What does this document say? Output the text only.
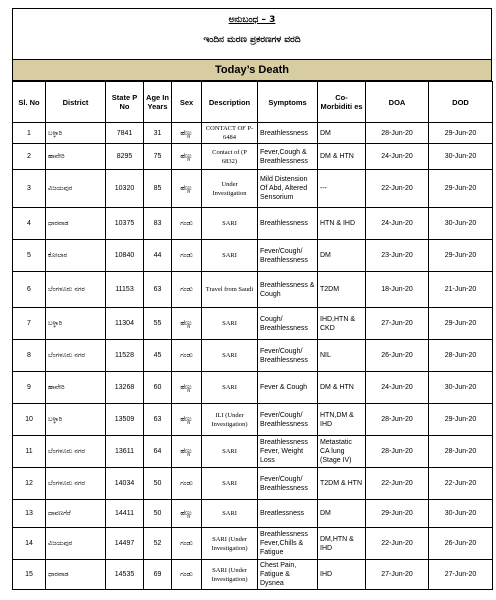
ಅನುಬಂಧ – 3
ಇಂದಿನ ಮರಣ ಪ್ರಕರಣಗಳ ವರದಿ
Today’s Death
Sl. No	District	State P No	Age In Years	Sex	Description	Symptoms	Co-Morbiditi es	DOA	DOD
1	ಬಳ್ಳಾರಿ	7841	31	ಹೆಣ್ಣು	CONTACT OF P-6484	Breathlessness	DM	28-Jun-20	29-Jun-20
2	ಹಾವೇರಿ	8295	75	ಹೆಣ್ಣು	Contact of (P 6832)	Fever,Cough & Breathlessness	DM & HTN	24-Jun-20	30-Jun-20
3	ವಿಜಯಪುರ	10320	85	ಹೆಣ್ಣು	Under Investigation	Mild Distension Of Abd, Altered Sensorium	---	22-Jun-20	29-Jun-20
4	ಧಾರವಾಡ	10375	83	ಗಂಡು	SARI	Breathlessness	HTN & IHD	24-Jun-20	30-Jun-20
5	ಕೋಲಾರ	10840	44	ಗಂಡು	SARI	Fever/Cough/ Breathlessness	DM	23-Jun-20	29-Jun-20
6	ಬೆಂಗಳೂರು ನಗರ	11153	63	ಗಂಡು	Travel from Saudi	Breathlessness & Cough	T2DM	18-Jun-20	21-Jun-20
7	ಬಳ್ಳಾರಿ	11304	55	ಹೆಣ್ಣು	SARI	Cough/ Breathlessness	IHD,HTN & CKD	27-Jun-20	29-Jun-20
8	ಬೆಂಗಳೂರು ನಗರ	11528	45	ಗಂಡು	SARI	Fever/Cough/ Breathlessness	NIL	26-Jun-20	28-Jun-20
9	ಹಾವೇರಿ	13268	60	ಹೆಣ್ಣು	SARI	Fever & Cough	DM & HTN	24-Jun-20	30-Jun-20
10	ಬಳ್ಳಾರಿ	13509	63	ಹೆಣ್ಣು	ILI (Under Investigation)	Fever/Cough/ Breathlessness	HTN,DM & IHD	28-Jun-20	29-Jun-20
11	ಬೆಂಗಳೂರು ನಗರ	13611	64	ಹೆಣ್ಣು	SARI	Breathlessness Fever, Weight Loss	Metastatic CA lung (Stage IV)	28-Jun-20	28-Jun-20
12	ಬೆಂಗಳೂರು ನಗರ	14034	50	ಗಂಡು	SARI	Fever/Cough/ Breathlessness	T2DM & HTN	22-Jun-20	22-Jun-20
13	ದಾವಣಗೆರೆ	14411	50	ಹೆಣ್ಣು	SARI	Breatlessness	DM	29-Jun-20	30-Jun-20
14	ವಿಜಯಪುರ	14497	52	ಗಂಡು	SARI (Under Investigation)	Breathlessness Fever,Chills & Fatigue	DM,HTN & IHD	22-Jun-20	26-Jun-20
15	ಧಾರವಾಡ	14535	69	ಗಂಡು	SARI (Under Investigation)	Chest Pain, Fatigue & Dysnea	IHD	27-Jun-20	27-Jun-20
